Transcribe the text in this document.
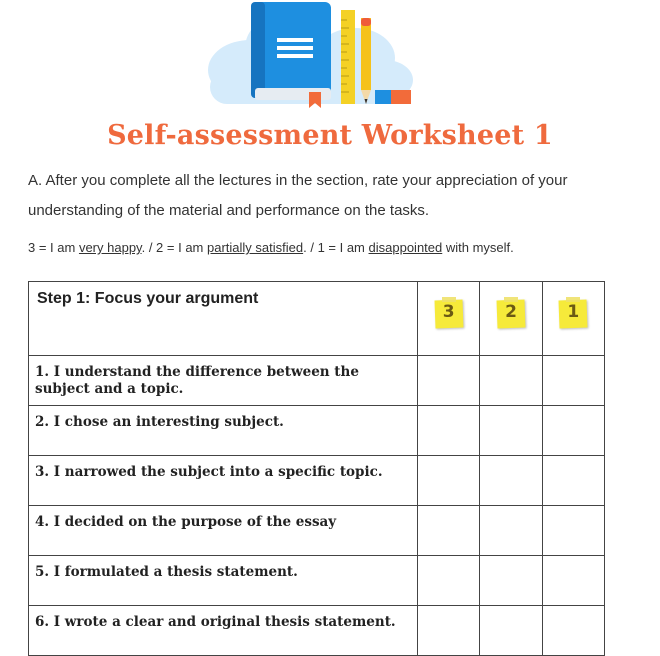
Self-assessment Worksheet 1

A. After you complete all the lectures in the section, rate your appreciation of your

understanding of the material and performance on the tasks.

3 = I am very happy. / 2 = I am partially satisfied. / 1 = I am disappointed with myself.
Step 1: Focus your argument	3	2	1

1. I understand the difference between the subject and a topic.			

2. I chose an interesting subject.			

3. I narrowed the subject into a specific topic.			

4. I decided on the purpose of the essay			

5. I formulated a thesis statement.			

6. I wrote a clear and original thesis statement.			
